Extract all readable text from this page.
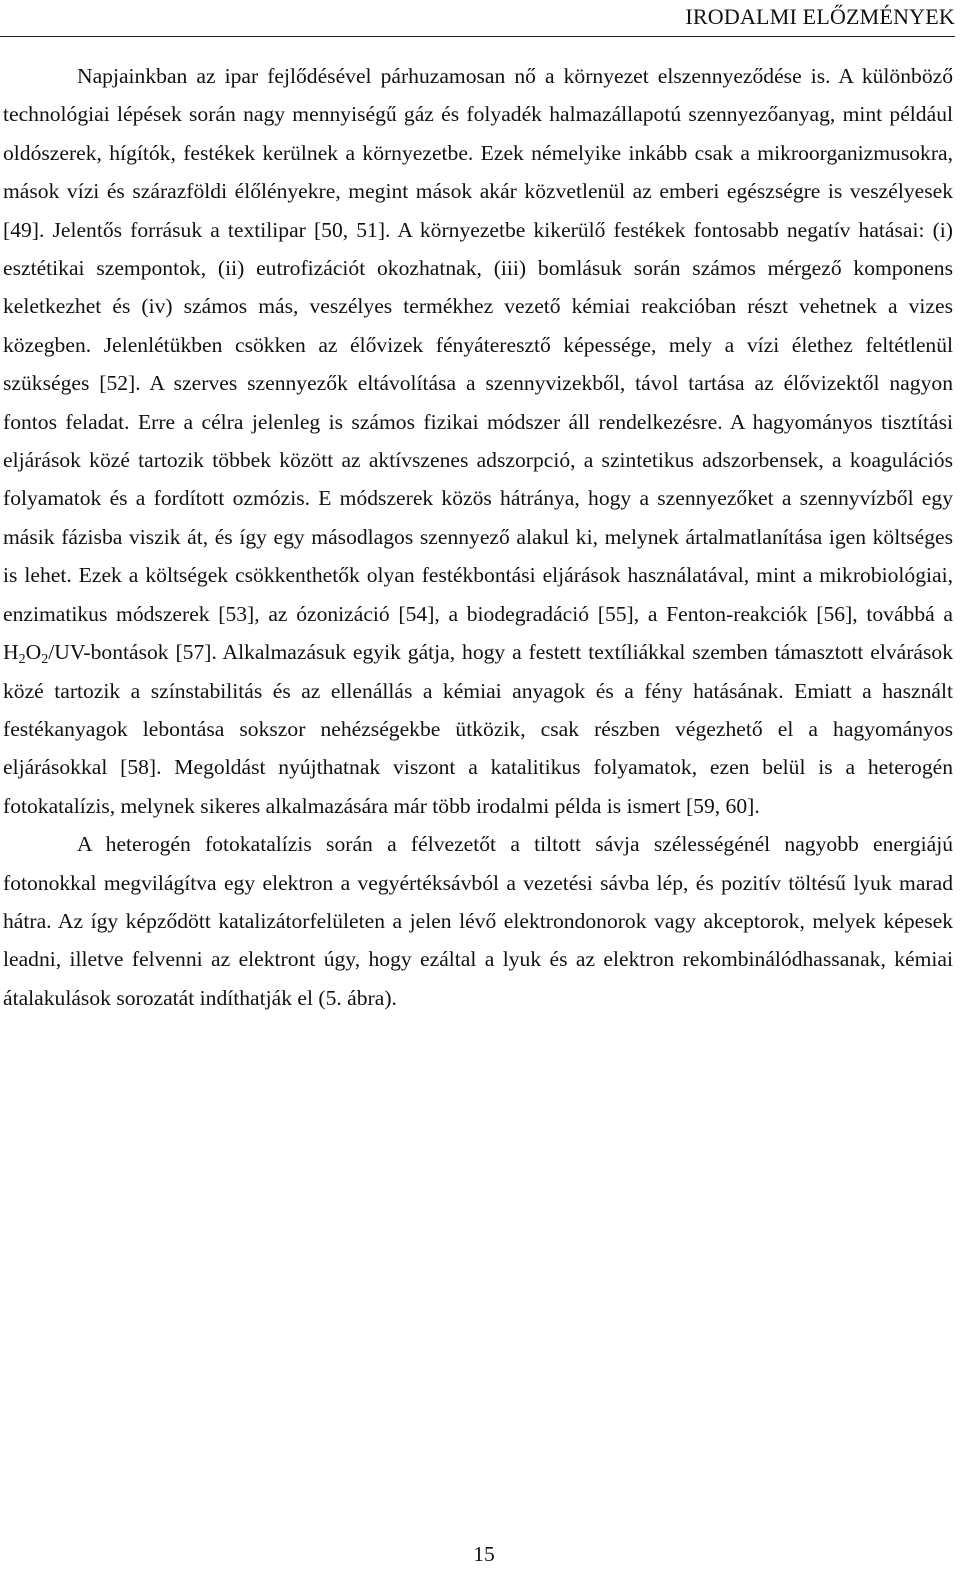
IRODALMI ELŐZMÉNYEK

Napjainkban az ipar fejlődésével párhuzamosan nő a környezet elszennyeződése is. A különböző technológiai lépések során nagy mennyiségű gáz és folyadék halmazállapotú szennyezőanyag, mint például oldószerek, hígítók, festékek kerülnek a környezetbe. Ezek némelyike inkább csak a mikroorganizmusokra, mások vízi és szárazföldi élőlényekre, megint mások akár közvetlenül az emberi egészségre is veszélyesek [49]. Jelentős forrásuk a textilipar [50, 51]. A környezetbe kikerülő festékek fontosabb negatív hatásai: (i) esztétikai szempontok, (ii) eutrofizációt okozhatnak, (iii) bomlásuk során számos mérgező komponens keletkezhet és (iv) számos más, veszélyes termékhez vezető kémiai reakcióban részt vehetnek a vizes közegben. Jelenlétükben csökken az élővizek fényáteresztő képessége, mely a vízi élethez feltétlenül szükséges [52]. A szerves szennyezők eltávolítása a szennyvizekből, távol tartása az élővizektől nagyon fontos feladat. Erre a célra jelenleg is számos fizikai módszer áll rendelkezésre. A hagyományos tisztítási eljárások közé tartozik többek között az aktívszenes adszorpció, a szintetikus adszorbensek, a koagulációs folyamatok és a fordított ozmózis. E módszerek közös hátránya, hogy a szennyezőket a szennyvízből egy másik fázisba viszik át, és így egy másodlagos szennyező alakul ki, melynek ártalmatlanítása igen költséges is lehet. Ezek a költségek csökkenthetők olyan festékbontási eljárások használatával, mint a mikrobiológiai, enzimatikus módszerek [53], az ózonizáció [54], a biodegradáció [55], a Fenton-reakciók [56], továbbá a $H_2O_2/UV$-bontások [57]. Alkalmazásuk egyik gátja, hogy a festett textíliákkal szemben támasztott elvárások közé tartozik a színstabilitás és az ellenállás a kémiai anyagok és a fény hatásának. Emiatt a használt festékanyagok lebontása sokszor nehézségekbe ütközik, csak részben végezhető el a hagyományos eljárásokkal [58]. Megoldást nyújthatnak viszont a katalitikus folyamatok, ezen belül is a heterogén fotokatalízis, melynek sikeres alkalmazására már több irodalmi példa is ismert [59, 60].

A heterogén fotokatalízis során a félvezetőt a tiltott sávja szélességénél nagyobb energiájú fotonokkal megvilágítva egy elektron a vegyértéksávból a vezetési sávba lép, és pozitív töltésű lyuk marad hátra. Az így képződött katalizátorfelületen a jelen lévő elektrondonorok vagy akceptorok, melyek képesek leadni, illetve felvenni az elektront úgy, hogy ezáltal a lyuk és az elektron rekombinálódhassanak, kémiai átalakulások sorozatát indíthatják el (5. ábra).

15
